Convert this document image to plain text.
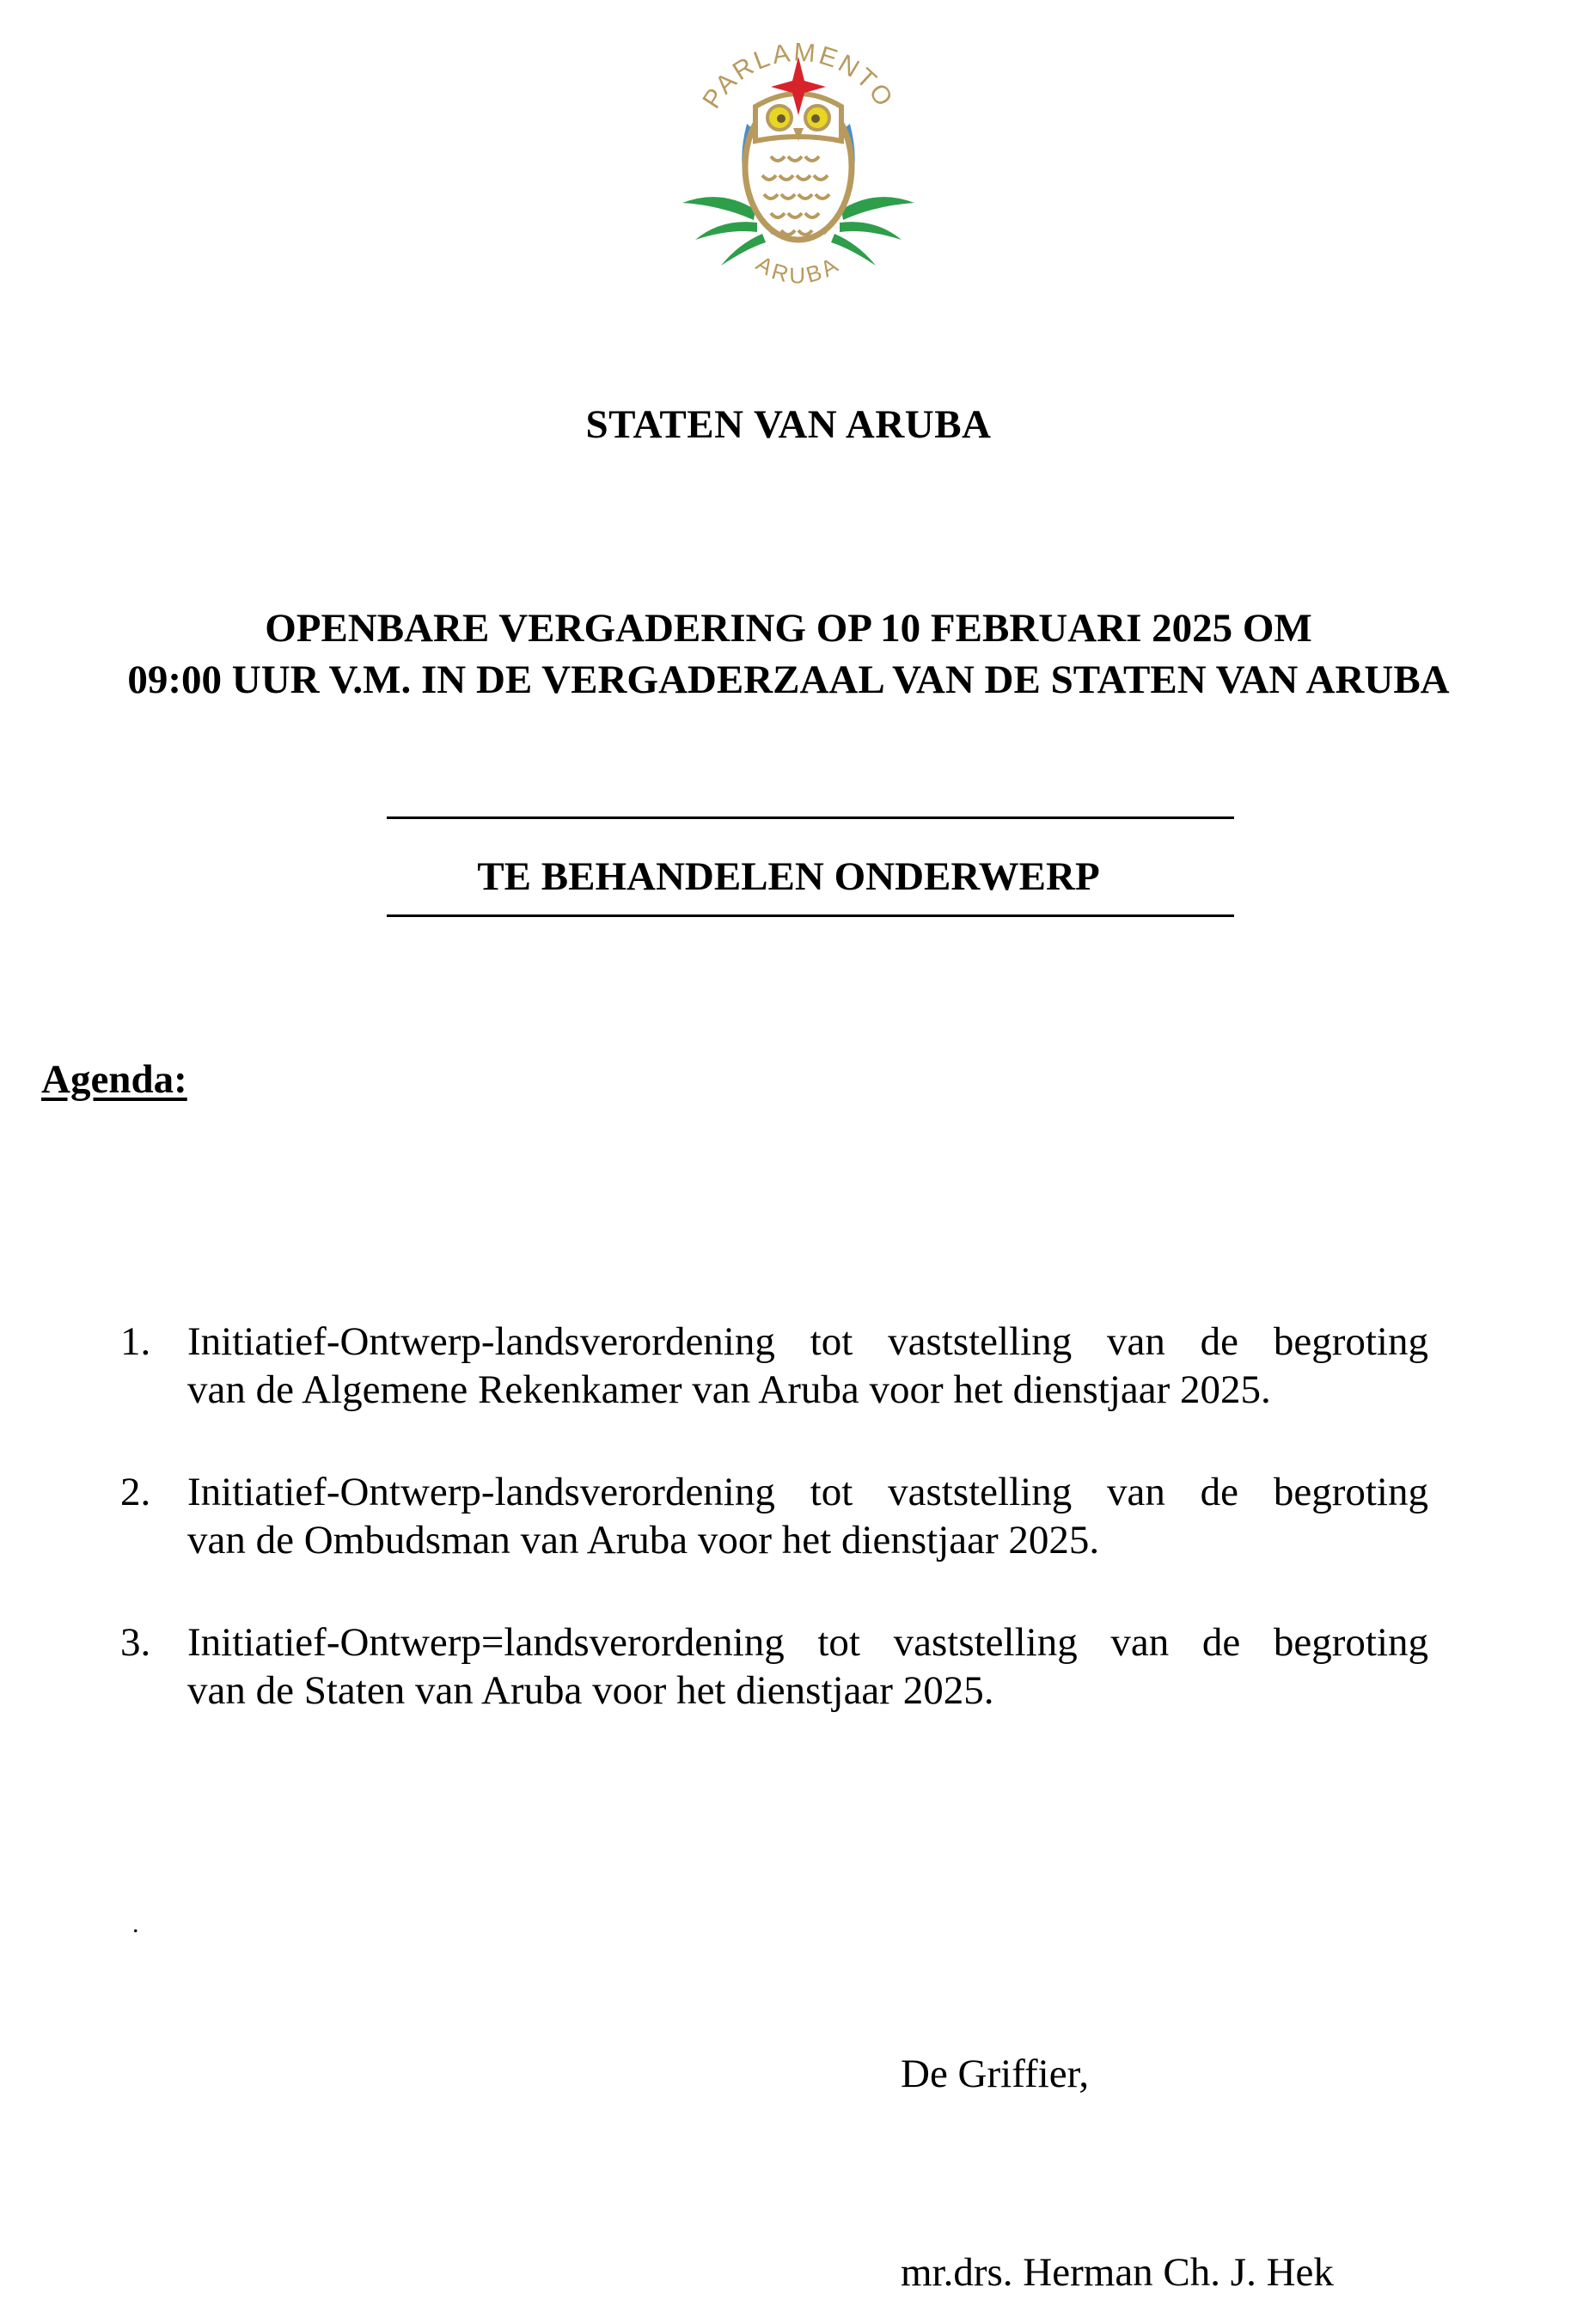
PARLAMENTO
ARUBA
STATEN VAN ARUBA
OPENBARE VERGADERING OP 10 FEBRUARI 2025 OM
09:00 UUR V.M. IN DE VERGADERZAAL VAN DE STATEN VAN ARUBA
TE BEHANDELEN ONDERWERP
Agenda:
1. Initiatief-Ontwerp-landsverordening tot vaststelling van de begroting
van de Algemene Rekenkamer van Aruba voor het dienstjaar 2025.
2. Initiatief-Ontwerp-landsverordening tot vaststelling van de begroting
van de Ombudsman van Aruba voor het dienstjaar 2025.
3. Initiatief-Ontwerp=landsverordening tot vaststelling van de begroting
van de Staten van Aruba voor het dienstjaar 2025.
.
De Griffier,
mr.drs. Herman Ch. J. Hek
